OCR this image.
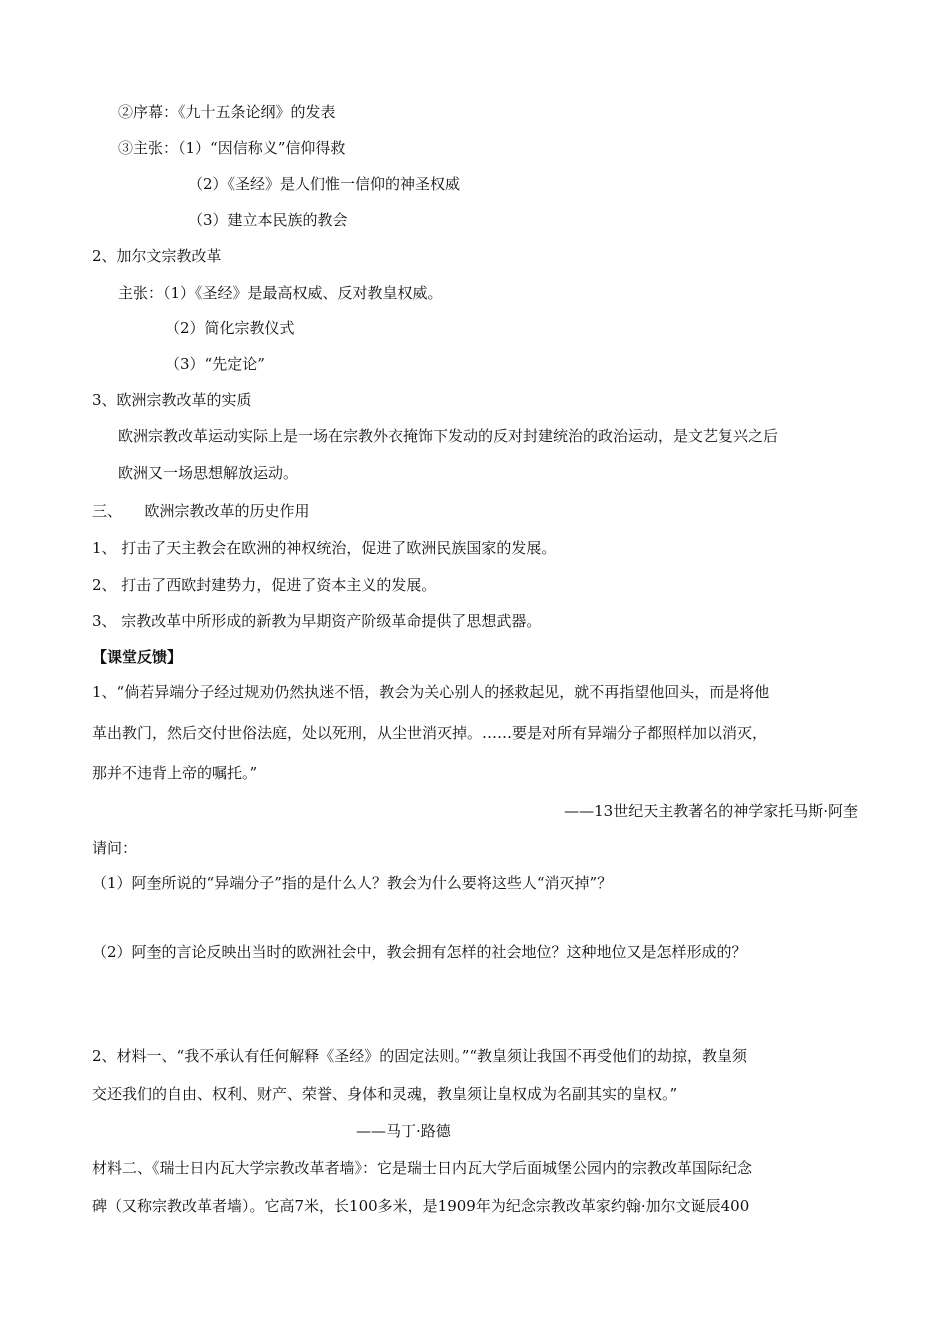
②序幕：《九十五条论纲》的发表
③主张：（1）“因信称义”信仰得救
（2）《圣经》是人们惟一信仰的神圣权威
（3）建立本民族的教会
2、加尔文宗教改革
主张：（1）《圣经》是最高权威、反对教皇权威。
（2）简化宗教仪式
（3）“先定论”
3、欧洲宗教改革的实质
欧洲宗教改革运动实际上是一场在宗教外衣掩饰下发动的反对封建统治的政治运动，是文艺复兴之后
欧洲又一场思想解放运动。
三、　　欧洲宗教改革的历史作用
1、 打击了天主教会在欧洲的神权统治，促进了欧洲民族国家的发展。
2、 打击了西欧封建势力，促进了资本主义的发展。
3、 宗教改革中所形成的新教为早期资产阶级革命提供了思想武器。
【课堂反馈】
1、“倘若异端分子经过规劝仍然执迷不悟，教会为关心别人的拯救起见，就不再指望他回头，而是将他
革出教门，然后交付世俗法庭，处以死刑，从尘世消灭掉。……要是对所有异端分子都照样加以消灭，
那并不违背上帝的嘱托。”
——13世纪天主教著名的神学家托马斯·阿奎
请问：
（1）阿奎所说的“异端分子”指的是什么人？教会为什么要将这些人“消灭掉”？
（2）阿奎的言论反映出当时的欧洲社会中，教会拥有怎样的社会地位？这种地位又是怎样形成的？
2、材料一、“我不承认有任何解释《圣经》的固定法则。”“教皇须让我国不再受他们的劫掠，教皇须
交还我们的自由、权利、财产、荣誉、身体和灵魂，教皇须让皇权成为名副其实的皇权。”
——马丁·路德
材料二、《瑞士日内瓦大学宗教改革者墙》：它是瑞士日内瓦大学后面城堡公园内的宗教改革国际纪念
碑（又称宗教改革者墙）。它高7米，长100多米，是1909年为纪念宗教改革家约翰·加尔文诞辰400
